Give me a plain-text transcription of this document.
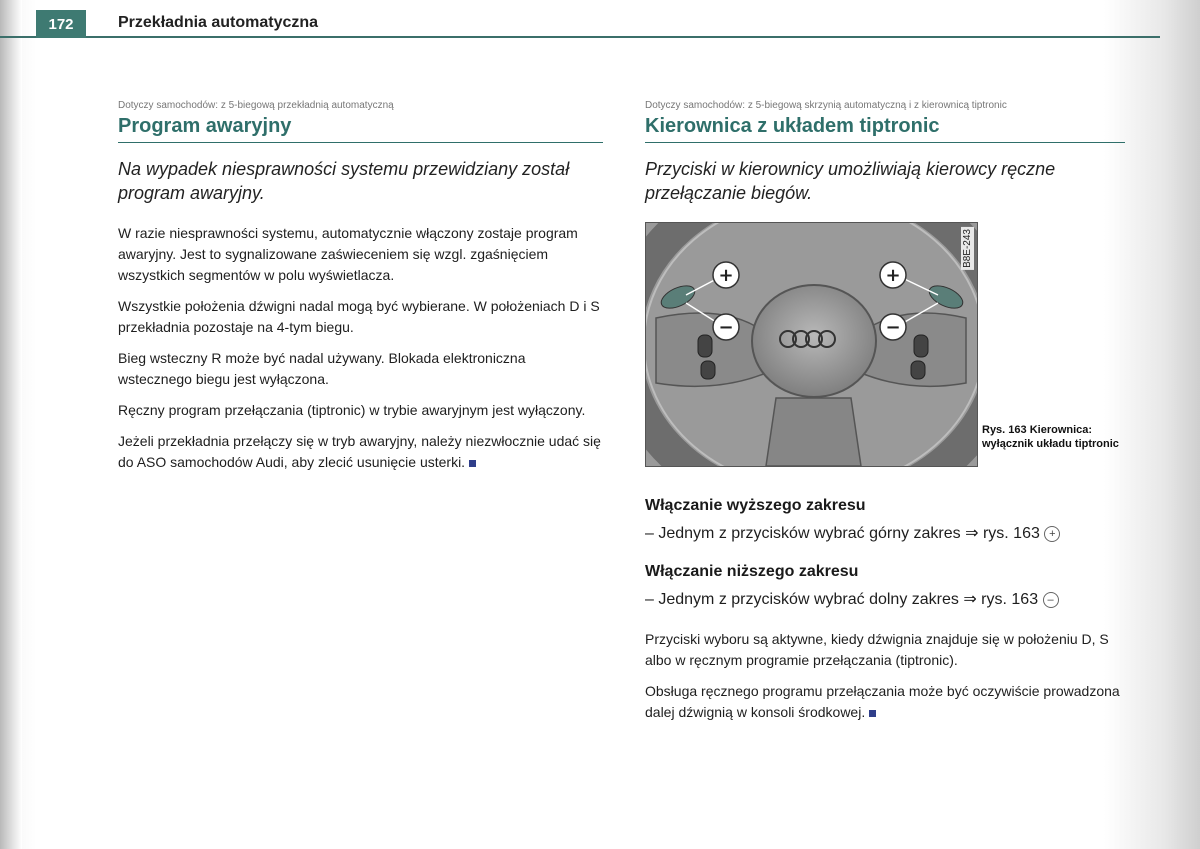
172	Przekładnia automatyczna
Dotyczy samochodów: z 5-biegową przekładnią automatyczną
Program awaryjny
Na wypadek niesprawności systemu przewidziany został program awaryjny.

W razie niesprawności systemu, automatycznie włączony zostaje program awaryjny. Jest to sygnalizowane zaświeceniem się wzgl. zgaśnięciem wszystkich segmentów w polu wyświetlacza.

Wszystkie położenia dźwigni nadal mogą być wybierane. W położeniach D i S przekładnia pozostaje na 4-tym biegu.

Bieg wsteczny R może być nadal używany. Blokada elektroniczna wstecznego biegu jest wyłączona.

Ręczny program przełączania (tiptronic) w trybie awaryjnym jest wyłączony.

Jeżeli przekładnia przełączy się w tryb awaryjny, należy niezwłocznie udać się do ASO samochodów Audi, aby zlecić usunięcie usterki.

Dotyczy samochodów: z 5-biegową skrzynią automatyczną i z kierownicą tiptronic
Kierownica z układem tiptronic
Przyciski w kierownicy umożliwiają kierowcy ręczne przełączanie biegów.
+
−
+
−
B8E-243
Rys. 163 Kierownica: wyłącznik układu tiptronic
Włączanie wyższego zakresu
– Jednym z przycisków wybrać górny zakres ⇒ rys. 163 +
Włączanie niższego zakresu
– Jednym z przycisków wybrać dolny zakres ⇒ rys. 163 –

Przyciski wyboru są aktywne, kiedy dźwignia znajduje się w położeniu D, S albo w ręcznym programie przełączania (tiptronic).

Obsługa ręcznego programu przełączania może być oczywiście prowadzona dalej dźwignią w konsoli środkowej.
